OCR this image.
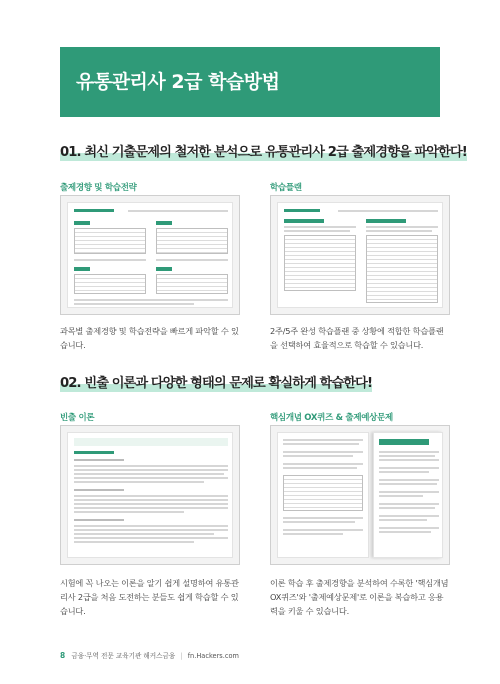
유통관리사 2급 학습방법
01. 최신 기출문제의 철저한 분석으로 유통관리사 2급 출제경향을 파악한다!
출제경향 및 학습전략	학습플랜
과목별 출제경향 및 학습전략을 빠르게 파악할 수 있습니다.
2주/5주 완성 학습플랜 중 상황에 적합한 학습플랜을 선택하여 효율적으로 학습할 수 있습니다.
02. 빈출 이론과 다양한 형태의 문제로 확실하게 학습한다!
빈출 이론	핵심개념 OX퀴즈 & 출제예상문제
시험에 꼭 나오는 이론을 알기 쉽게 설명하여 유통관리사 2급을 처음 도전하는 분들도 쉽게 학습할 수 있습니다.
이론 학습 후 출제경향을 분석하여 수록한 '핵심개념 OX퀴즈'와 '출제예상문제'로 이론을 복습하고 응용력을 키울 수 있습니다.
8 금융·무역 전문 교육기관 해커스금융 | fn.Hackers.com
